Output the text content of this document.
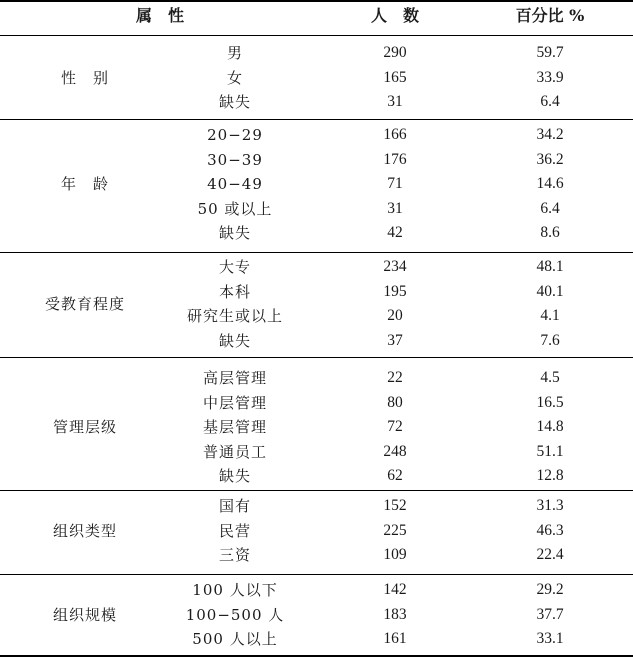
属　性	人　数	百分比 %
性　别
男	290	59.7
女	165	33.9
缺失	31	6.4
年　龄
20−29	166	34.2
30−39	176	36.2
40−49	71	14.6
50 或以上	31	6.4
缺失	42	8.6
受教育程度
大专	234	48.1
本科	195	40.1
研究生或以上	20	4.1
缺失	37	7.6
管理层级
高层管理	22	4.5
中层管理	80	16.5
基层管理	72	14.8
普通员工	248	51.1
缺失	62	12.8
组织类型
国有	152	31.3
民营	225	46.3
三资	109	22.4
组织规模
100 人以下	142	29.2
100−500 人	183	37.7
500 人以上	161	33.1
